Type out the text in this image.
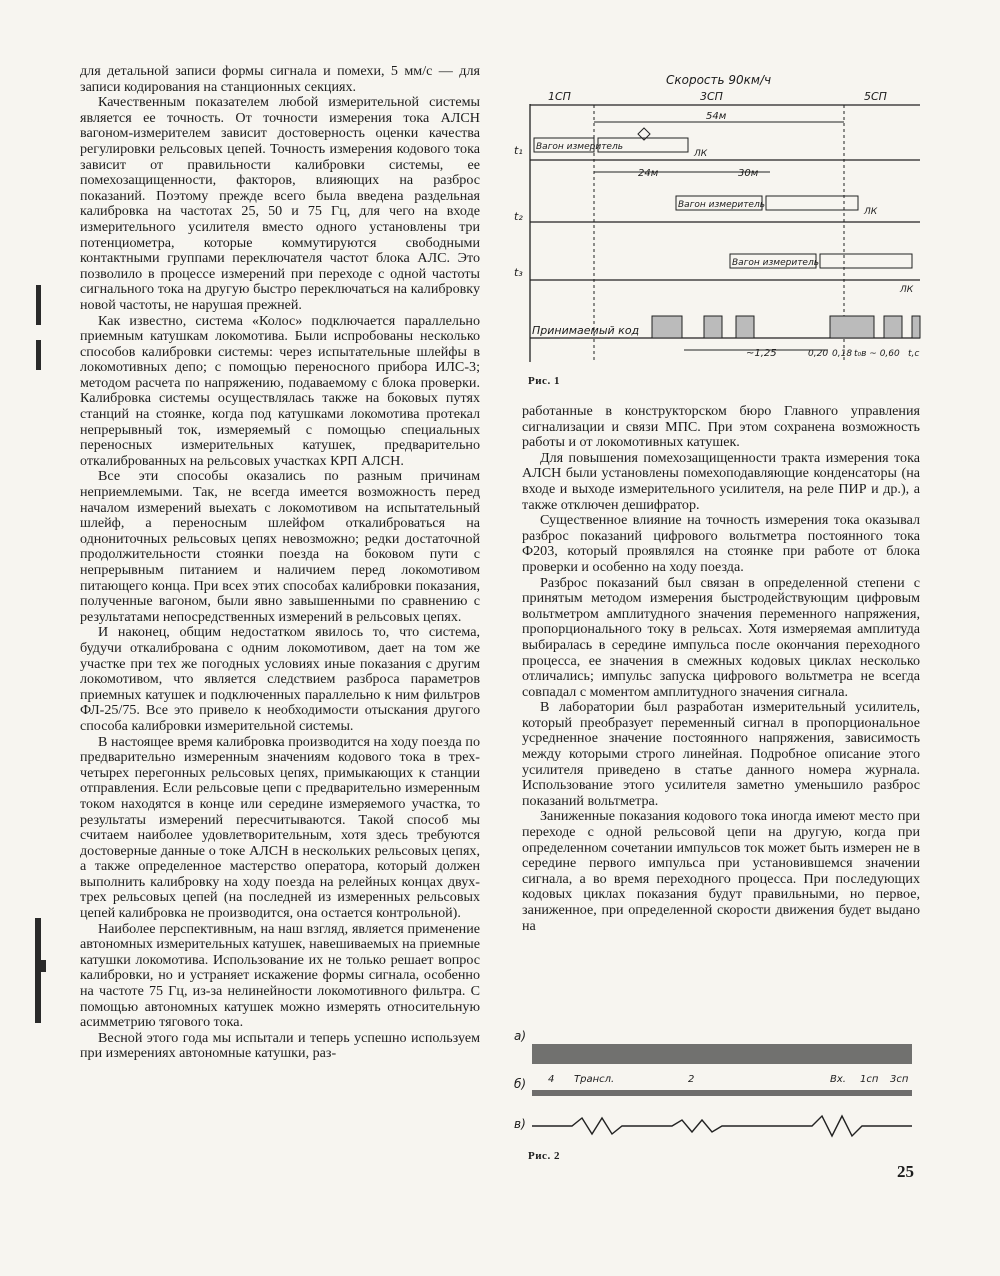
для детальной записи формы сигнала и помехи, 5 мм/с — для записи кодирования на станционных секциях.

Качественным показателем любой измерительной системы является ее точность. От точности измерения тока АЛСН вагоном-измерителем зависит достоверность оценки качества регулировки рельсовых цепей. Точность измерения кодового тока зависит от правильности калибровки системы, ее помехозащищенности, факторов, влияющих на разброс показаний. Поэтому прежде всего была введена раздельная калибровка на частотах 25, 50 и 75 Гц, для чего на входе измерительного усилителя вместо одного установлены три потенциометра, которые коммутируются свободными контактными группами переключателя частот блока АЛС. Это позволило в процессе измерений при переходе с одной частоты сигнального тока на другую быстро переключаться на калибровку новой частоты, не нарушая прежней.

Как известно, система «Колос» подключается параллельно приемным катушкам локомотива. Были испробованы несколько способов калибровки системы: через испытательные шлейфы в локомотивных депо; с помощью переносного прибора ИЛС-3; методом расчета по напряжению, подаваемому с блока проверки. Калибровка системы осуществлялась также на боковых путях станций на стоянке, когда под катушками локомотива протекал непрерывный ток, измеряемый с помощью специальных переносных измерительных катушек, предварительно откалиброванных на рельсовых участках КРП АЛСН.

Все эти способы оказались по разным причинам неприемлемыми. Так, не всегда имеется возможность перед началом измерений выехать с локомотивом на испытательный шлейф, а переносным шлейфом откалиброваться на однониточных рельсовых цепях невозможно; редки достаточной продолжительности стоянки поезда на боковом пути с непрерывным питанием и наличием перед локомотивом питающего конца. При всех этих способах калибровки показания, полученные вагоном, были явно завышенными по сравнению с результатами непосредственных измерений в рельсовых цепях.

И наконец, общим недостатком явилось то, что система, будучи откалибрована с одним локомотивом, дает на том же участке при тех же погодных условиях иные показания с другим локомотивом, что является следствием разброса параметров приемных катушек и подключенных параллельно к ним фильтров ФЛ-25/75. Все это привело к необходимости отыскания другого способа калибровки измерительной системы.

В настоящее время калибровка производится на ходу поезда по предварительно измеренным значениям кодового тока в трех-четырех перегонных рельсовых цепях, примыкающих к станции отправления. Если рельсовые цепи с предварительно измеренным током находятся в конце или середине измеряемого участка, то результаты измерений пересчитываются. Такой способ мы считаем наиболее удовлетворительным, хотя здесь требуются достоверные данные о токе АЛСН в нескольких рельсовых цепях, а также определенное мастерство оператора, который должен выполнить калибровку на ходу поезда на релейных концах двух-трех рельсовых цепей (на последней из измеренных рельсовых цепей калибровка не производится, она остается контрольной).

Наиболее перспективным, на наш взгляд, является применение автономных измерительных катушек, навешиваемых на приемные катушки локомотива. Использование их не только решает вопрос калибровки, но и устраняет искажение формы сигнала, особенно на частоте 75 Гц, из-за нелинейности локомотивного фильтра. С помощью автономных катушек можно измерять относительную асимметрию тягового тока.

Весной этого года мы испытали и теперь успешно используем при измерениях автономные катушки, раз-

Скорость 90км/ч
1СП	3СП	5СП
54м
t₁ Вагон измеритель
ЛК
24м	30м
t₂
Вагон измеритель
ЛК
t₃
Вагон измеритель
ЛК
Принимаемый код
~1,25	0,20 0,18 t₀в ~ 0,60 t,c
Рис. 1

работанные в конструкторском бюро Главного управления сигнализации и связи МПС. При этом сохранена возможность работы и от локомотивных катушек.

Для повышения помехозащищенности тракта измерения тока АЛСН были установлены помехоподавляющие конденсаторы (на входе и выходе измерительного усилителя, на реле ПИР и др.), а также отключен дешифратор.

Существенное влияние на точность измерения тока оказывал разброс показаний цифрового вольтметра постоянного тока Ф203, который проявлялся на стоянке при работе от блока проверки и особенно на ходу поезда.

Разброс показаний был связан в определенной степени с принятым методом измерения быстродействующим цифровым вольтметром амплитудного значения переменного напряжения, пропорционального току в рельсах. Хотя измеряемая амплитуда выбиралась в середине импульса после окончания переходного процесса, ее значения в смежных кодовых циклах несколько отличались; импульс запуска цифрового вольтметра не всегда совпадал с моментом амплитудного значения сигнала.

В лаборатории был разработан измерительный усилитель, который преобразует переменный сигнал в пропорциональное усредненное значение постоянного напряжения, зависимость между которыми строго линейная. Подробное описание этого усилителя приведено в статье данного номера журнала. Использование этого усилителя заметно уменьшило разброс показаний вольтметра.

Заниженные показания кодового тока иногда имеют место при переходе с одной рельсовой цепи на другую, когда при определенном сочетании импульсов ток может быть измерен не в середине первого импульса при установившемся значении сигнала, а во время переходного процесса. При последующих кодовых циклах показания будут правильными, но первое, заниженное, при определенной скорости движения будет выдано на

а)
б) 4 Трансл.	2	Вх. 1сп 3сп
в)
Рис. 2
25
